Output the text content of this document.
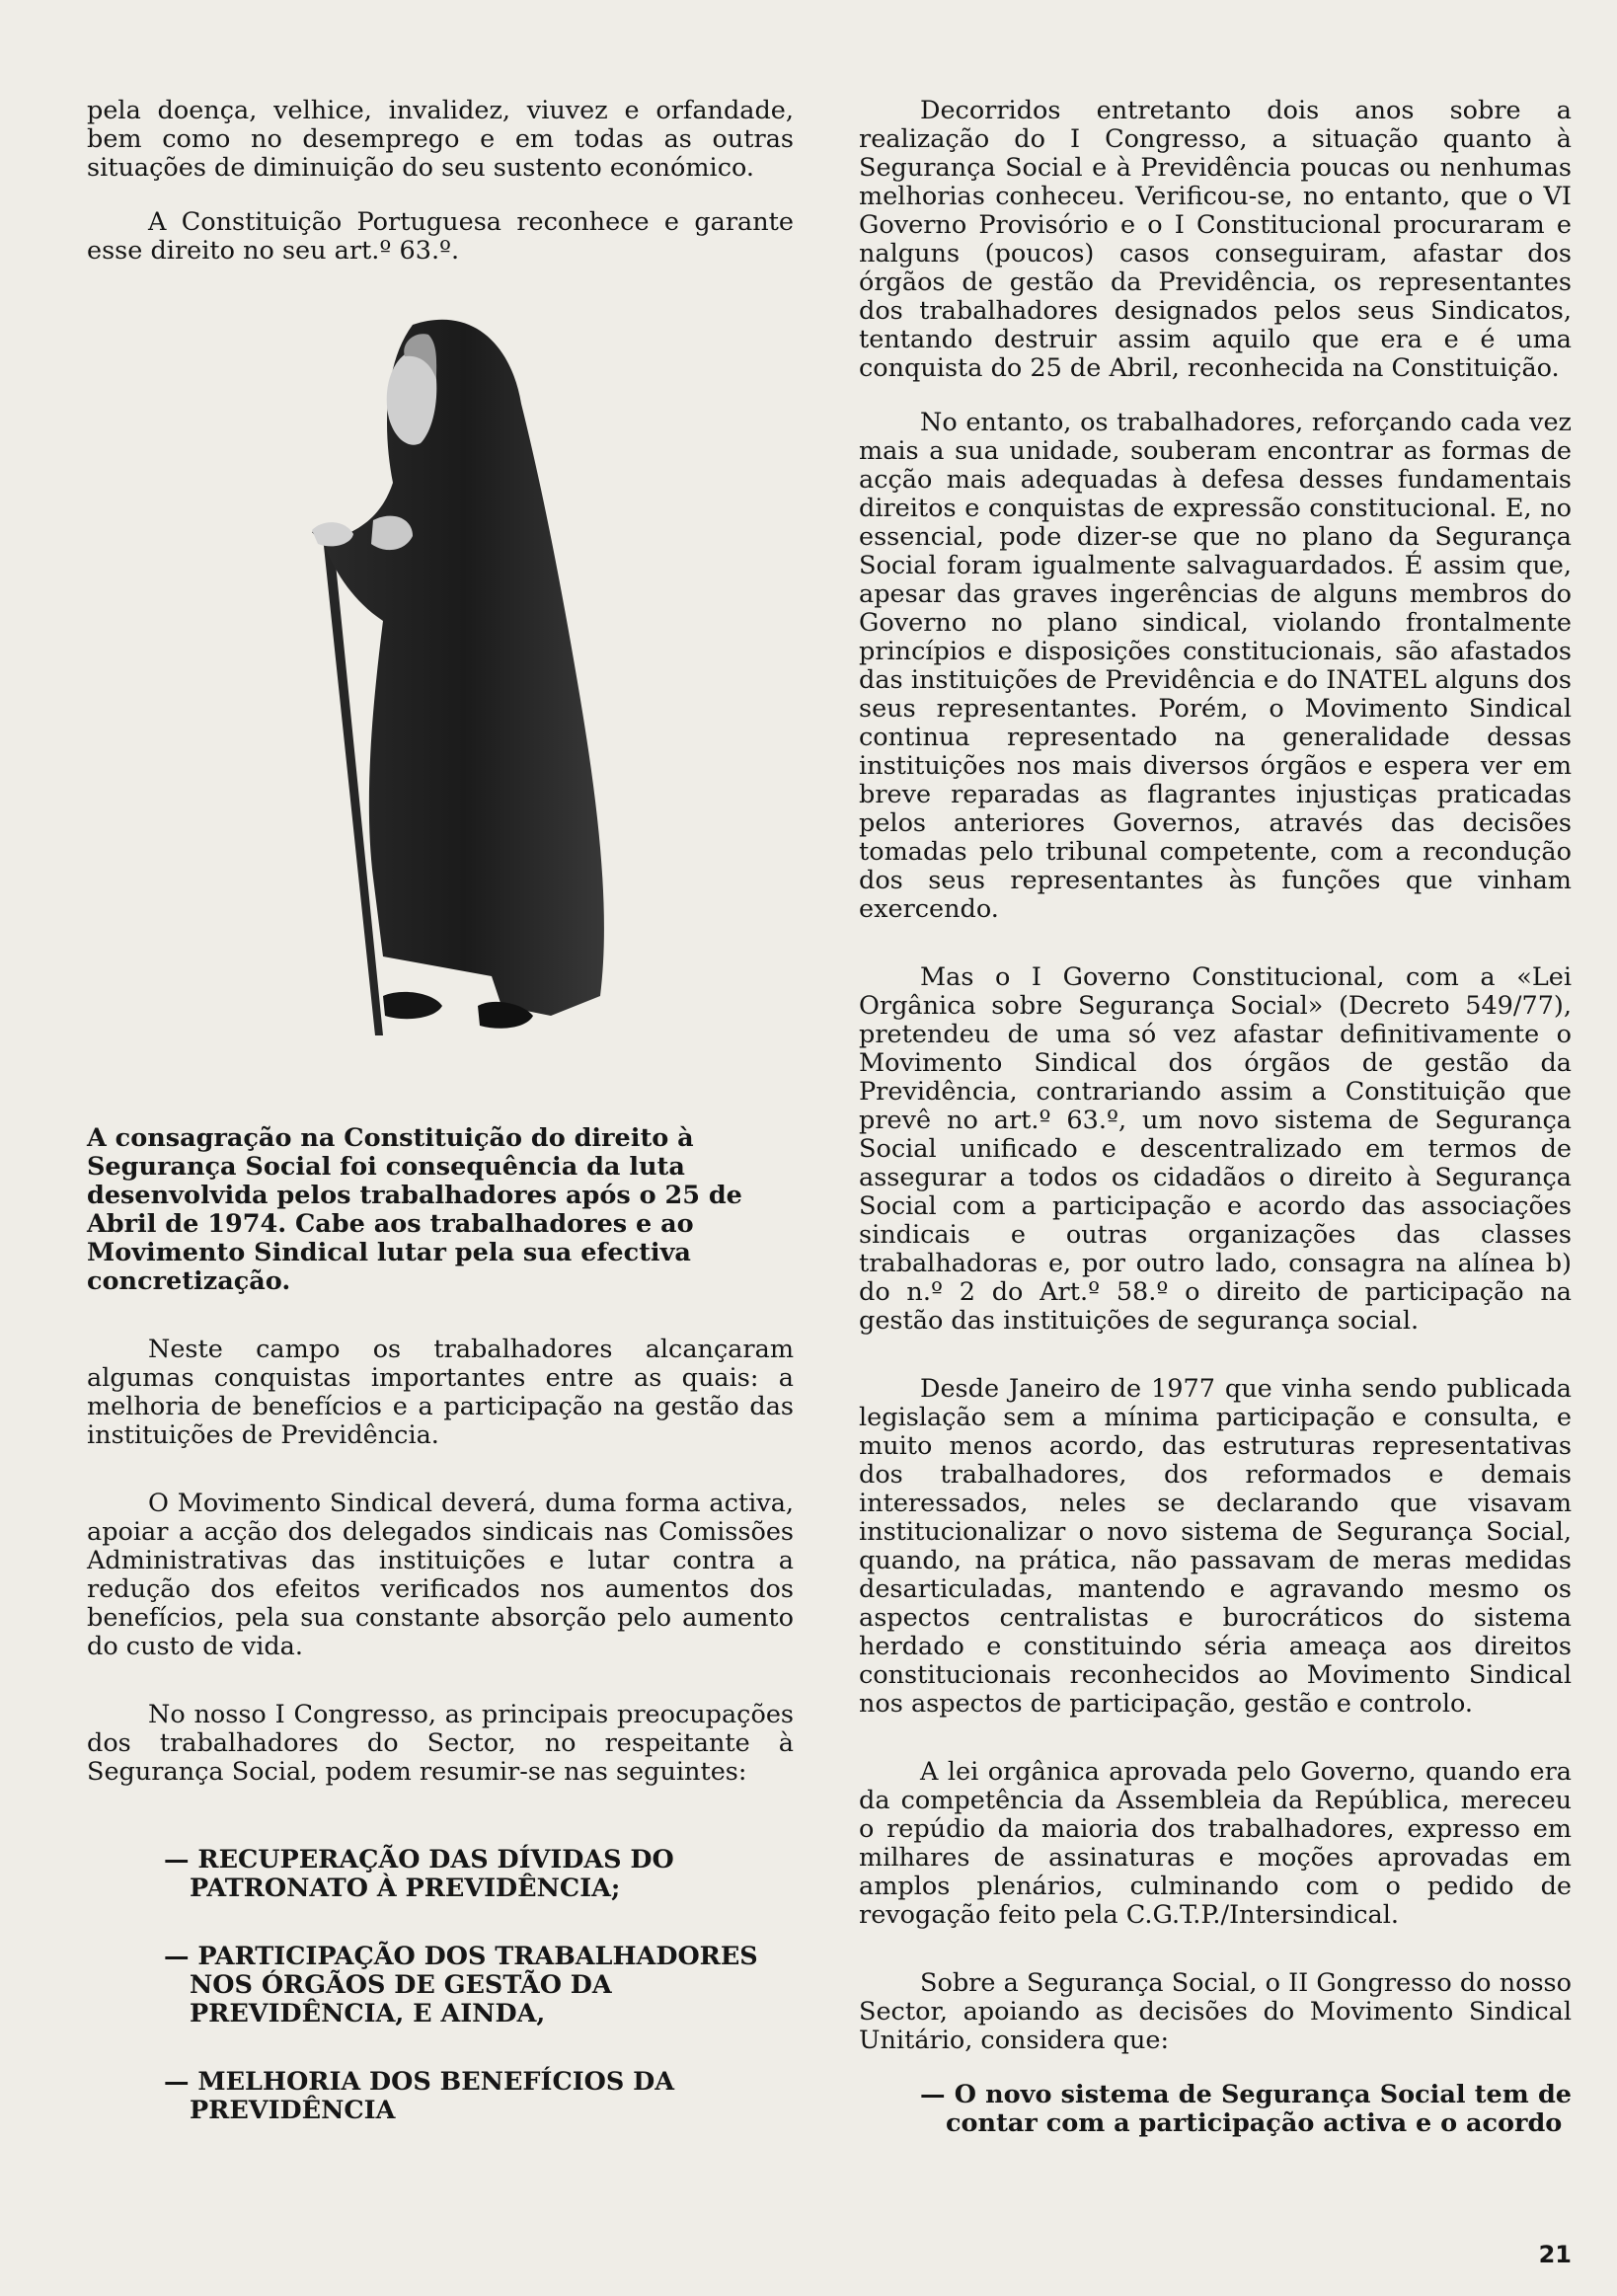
pela doença, velhice, invalidez, viuvez e orfandade, bem como no desemprego e em todas as outras situações de diminuição do seu sustento económico.

A Constituição Portuguesa reconhece e garante esse direito no seu art.º 63.º.

A consagração na Constituição do direito à Segurança Social foi consequência da luta desenvolvida pelos trabalhadores após o 25 de Abril de 1974. Cabe aos trabalhadores e ao Movimento Sindical lutar pela sua efectiva concretização.

Neste campo os trabalhadores alcançaram algumas conquistas importantes entre as quais: a melhoria de benefícios e a participação na gestão das instituições de Previdência.

O Movimento Sindical deverá, duma forma activa, apoiar a acção dos delegados sindicais nas Comissões Administrativas das instituições e lutar contra a redução dos efeitos verificados nos aumentos dos benefícios, pela sua constante absorção pelo aumento do custo de vida.

No nosso I Congresso, as principais preocupações dos trabalhadores do Sector, no respeitante à Segurança Social, podem resumir-se nas seguintes:

— RECUPERAÇÃO DAS DÍVIDAS DO PATRONATO À PREVIDÊNCIA;

— PARTICIPAÇÃO DOS TRABALHADORES NOS ÓRGÃOS DE GESTÃO DA PREVIDÊNCIA, E AINDA,

— MELHORIA DOS BENEFÍCIOS DA PREVIDÊNCIA

Decorridos entretanto dois anos sobre a realização do I Congresso, a situação quanto à Segurança Social e à Previdência poucas ou nenhumas melhorias conheceu. Verificou-se, no entanto, que o VI Governo Provisório e o I Constitucional procuraram e nalguns (poucos) casos conseguiram, afastar dos órgãos de gestão da Previdência, os representantes dos trabalhadores designados pelos seus Sindicatos, tentando destruir assim aquilo que era e é uma conquista do 25 de Abril, reconhecida na Constituição.

No entanto, os trabalhadores, reforçando cada vez mais a sua unidade, souberam encontrar as formas de acção mais adequadas à defesa desses fundamentais direitos e conquistas de expressão constitucional. E, no essencial, pode dizer-se que no plano da Segurança Social foram igualmente salvaguardados. É assim que, apesar das graves ingerências de alguns membros do Governo no plano sindical, violando frontalmente princípios e disposições constitucionais, são afastados das instituições de Previdência e do INATEL alguns dos seus representantes. Porém, o Movimento Sindical continua representado na generalidade dessas instituições nos mais diversos órgãos e espera ver em breve reparadas as flagrantes injustiças praticadas pelos anteriores Governos, através das decisões tomadas pelo tribunal competente, com a recondução dos seus representantes às funções que vinham exercendo.

Mas o I Governo Constitucional, com a «Lei Orgânica sobre Segurança Social» (Decreto 549/77), pretendeu de uma só vez afastar definitivamente o Movimento Sindical dos órgãos de gestão da Previdência, contrariando assim a Constituição que prevê no art.º 63.º, um novo sistema de Segurança Social unificado e descentralizado em termos de assegurar a todos os cidadãos o direito à Segurança Social com a participação e acordo das associações sindicais e outras organizações das classes trabalhadoras e, por outro lado, consagra na alínea b) do n.º 2 do Art.º 58.º o direito de participação na gestão das instituições de segurança social.

Desde Janeiro de 1977 que vinha sendo publicada legislação sem a mínima participação e consulta, e muito menos acordo, das estruturas representativas dos trabalhadores, dos reformados e demais interessados, neles se declarando que visavam institucionalizar o novo sistema de Segurança Social, quando, na prática, não passavam de meras medidas desarticuladas, mantendo e agravando mesmo os aspectos centralistas e burocráticos do sistema herdado e constituindo séria ameaça aos direitos constitucionais reconhecidos ao Movimento Sindical nos aspectos de participação, gestão e controlo.

A lei orgânica aprovada pelo Governo, quando era da competência da Assembleia da República, mereceu o repúdio da maioria dos trabalhadores, expresso em milhares de assinaturas e moções aprovadas em amplos plenários, culminando com o pedido de revogação feito pela C.G.T.P./Intersindical.

Sobre a Segurança Social, o II Gongresso do nosso Sector, apoiando as decisões do Movimento Sindical Unitário, considera que:

— O novo sistema de Segurança Social tem de contar com a participação activa e o acordo

21
